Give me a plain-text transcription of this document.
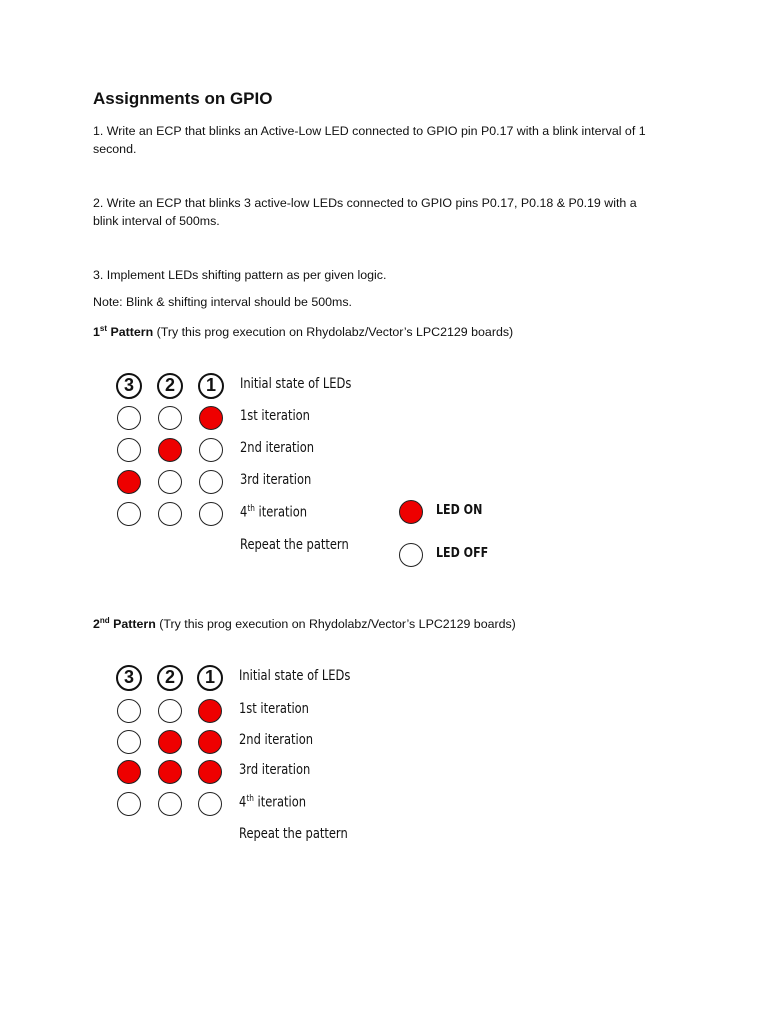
Assignments on GPIO

1. Write an ECP that blinks an Active-Low LED connected to GPIO pin P0.17 with a blink interval of 1
second.

2. Write an ECP that blinks 3 active-low LEDs connected to GPIO pins P0.17, P0.18 & P0.19 with a
blink interval of 500ms.

3. Implement LEDs shifting pattern as per given logic.

Note: Blink & shifting interval should be 500ms.

1st Pattern (Try this prog execution on Rhydolabz/Vector’s LPC2129 boards)

3	2	1	Initial state of LEDs
1st iteration
2nd iteration
3rd iteration
4th iteration
Repeat the pattern
LED ON
LED OFF

2nd Pattern (Try this prog execution on Rhydolabz/Vector’s LPC2129 boards)

3	2	1	Initial state of LEDs
1st iteration
2nd iteration
3rd iteration
4th iteration
Repeat the pattern
